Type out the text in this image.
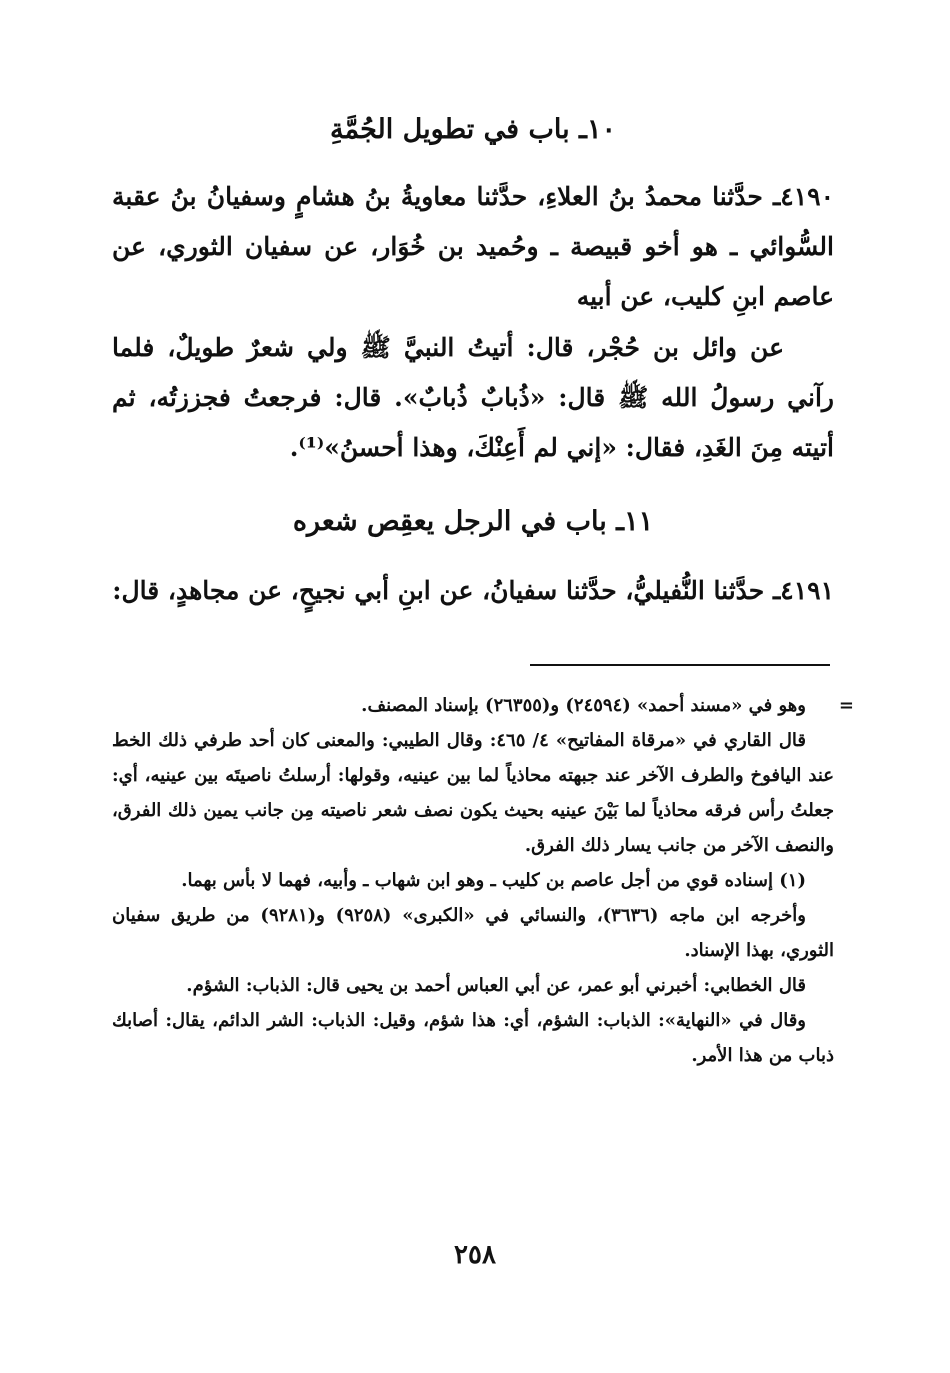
١٠ـ باب في تطويل الجُمَّةِ

٤١٩٠ـ حدَّثنا محمدُ بنُ العلاءِ، حدَّثنا معاويةُ بنُ هشامٍ وسفيانُ بنُ عقبة السُّوائي ـ هو أخو قبيصة ـ وحُميد بن خُوَار، عن سفيان الثوري، عن عاصم ابنِ كليب، عن أبيه

عن وائل بن حُجْر، قال: أتيتُ النبيَّ ﷺ ولي شعرٌ طويلٌ، فلما رآني رسولُ الله ﷺ قال: «ذُبابٌ ذُبابٌ». قال: فرجعتُ فجززتُه، ثم أتيته مِنَ الغَدِ، فقال: «إني لم أَعِنْكَ، وهذا أحسنُ»⁽¹⁾.

١١ـ باب في الرجل يعقِص شعره

٤١٩١ـ حدَّثنا النُّفيليُّ، حدَّثنا سفيانُ، عن ابنِ أبي نجيحٍ، عن مجاهدٍ، قال:

=

وهو في «مسند أحمد» (٢٤٥٩٤) و(٢٦٣٥٥) بإسناد المصنف.

قال القاري في «مرقاة المفاتيح» ٤/ ٤٦٥: وقال الطيبي: والمعنى كان أحد طرفي ذلك الخط عند اليافوخ والطرف الآخر عند جبهته محاذياً لما بين عينيه، وقولها: أرسلتُ ناصيتَه بين عينيه، أي: جعلتُ رأس فرقه محاذياً لما بَيْنَ عينيه بحيث يكون نصف شعر ناصيته مِن جانب يمين ذلك الفرق، والنصف الآخر من جانب يسار ذلك الفرق.

(١) إسناده قوي من أجل عاصم بن كليب ـ وهو ابن شهاب ـ وأبيه، فهما لا بأس بهما.

وأخرجه ابن ماجه (٣٦٣٦)، والنسائي في «الكبرى» (٩٢٥٨) و(٩٢٨١) من طريق سفيان الثوري، بهذا الإسناد.

قال الخطابي: أخبرني أبو عمر، عن أبي العباس أحمد بن يحيى قال: الذباب: الشؤم.

وقال في «النهاية»: الذباب: الشؤم، أي: هذا شؤم، وقيل: الذباب: الشر الدائم، يقال: أصابك ذباب من هذا الأمر.

٢٥٨
